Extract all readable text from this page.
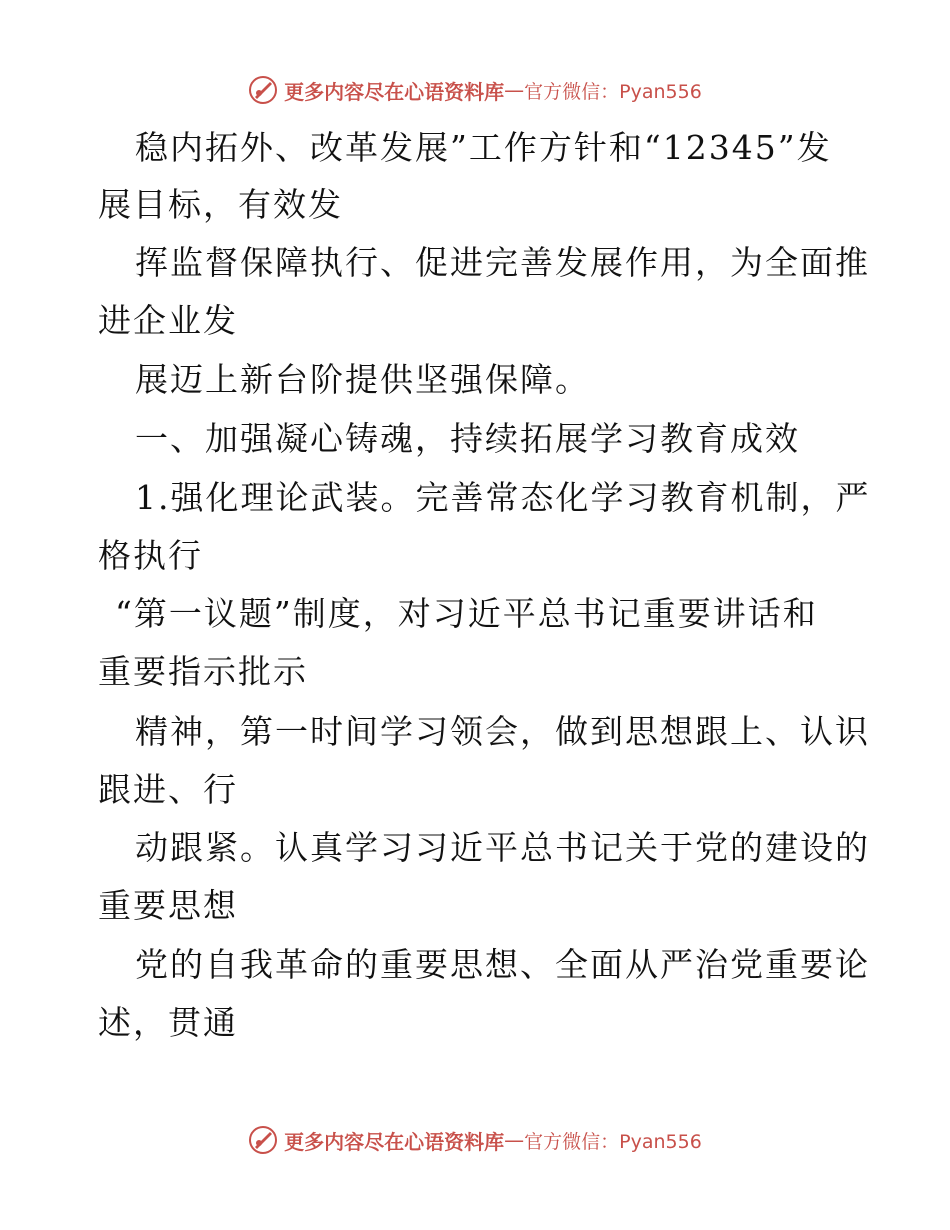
更多内容尽在心语资料库 — 官方微信：Pyan556
稳内拓外、改革发展”工作方针和“12345”发
展目标，有效发
挥监督保障执行、促进完善发展作用，为全面推
进企业发
展迈上新台阶提供坚强保障。
一、加强凝心铸魂，持续拓展学习教育成效
1.强化理论武装。完善常态化学习教育机制，严
格执行
“第一议题”制度，对习近平总书记重要讲话和
重要指示批示
精神，第一时间学习领会，做到思想跟上、认识
跟进、行
动跟紧。认真学习习近平总书记关于党的建设的
重要思想
党的自我革命的重要思想、全面从严治党重要论
述，贯通
更多内容尽在心语资料库 — 官方微信：Pyan556
